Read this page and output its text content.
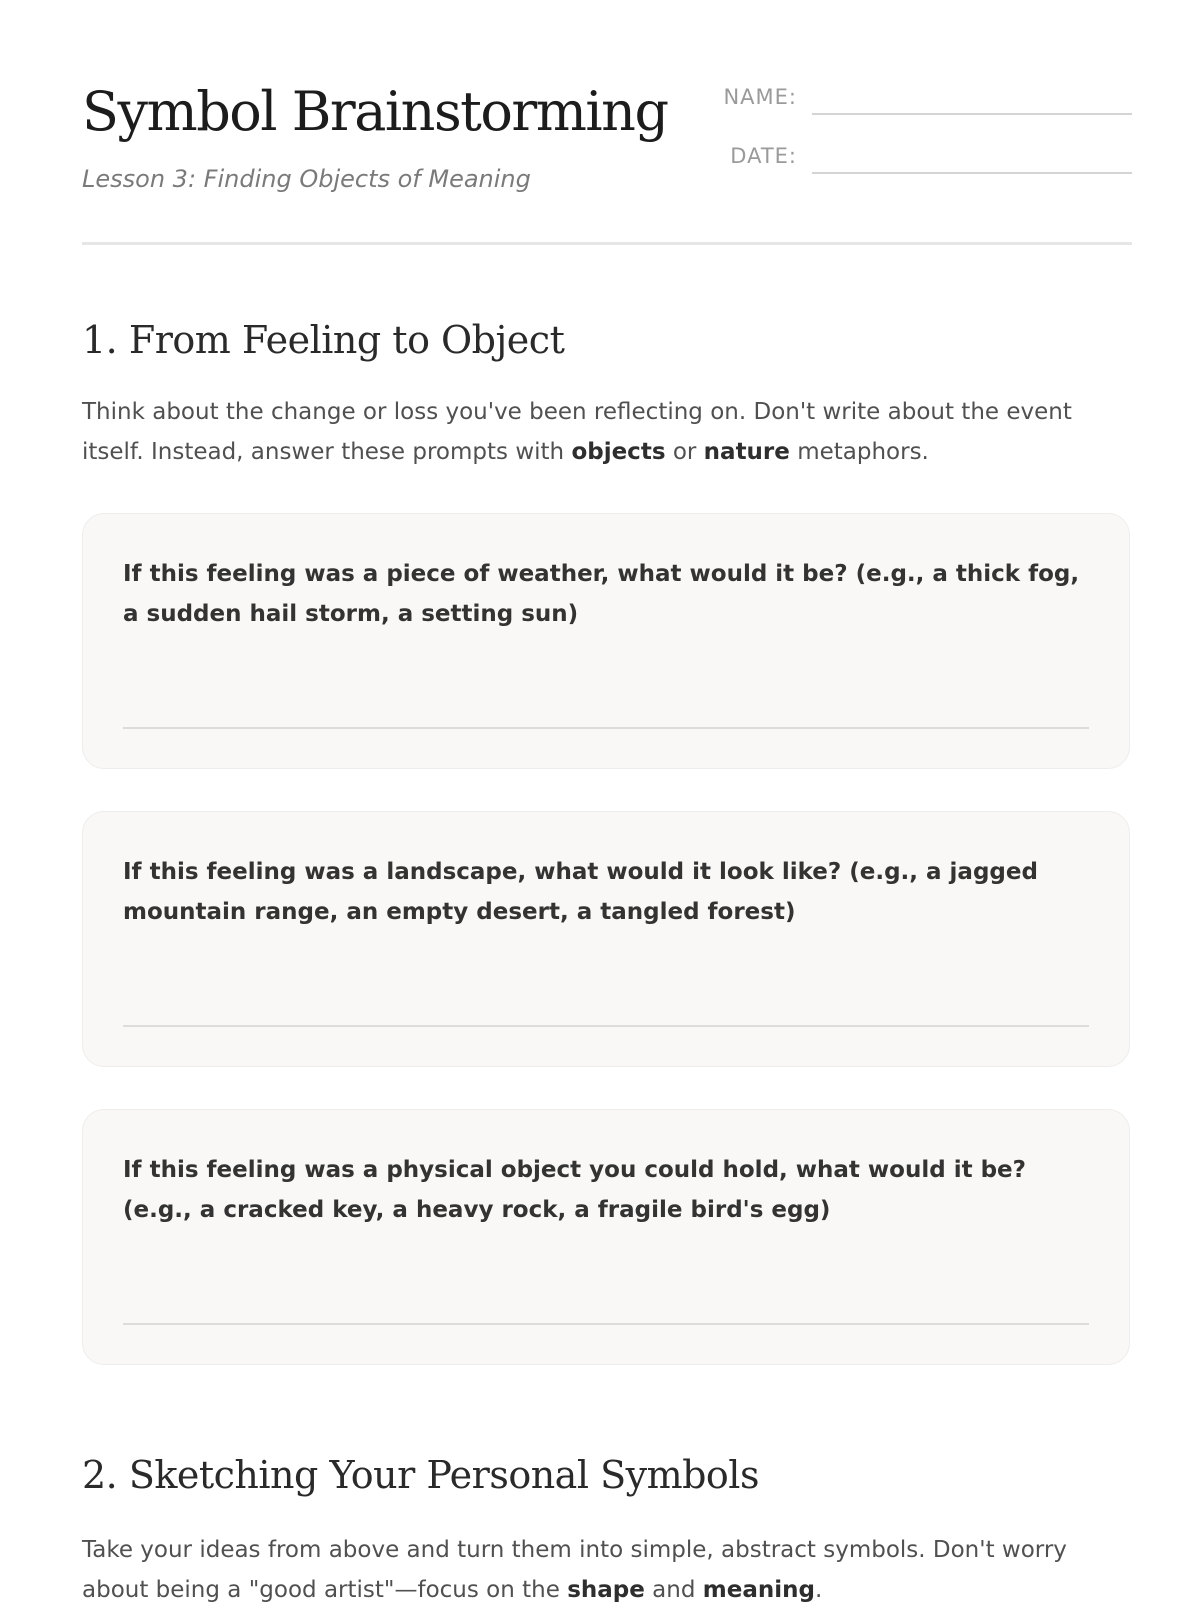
Symbol Brainstorming

Lesson 3: Finding Objects of Meaning

NAME:
DATE:
1. From Feeling to Object

Think about the change or loss you've been reflecting on. Don't write about the event itself. Instead, answer these prompts with objects or nature metaphors.

If this feeling was a piece of weather, what would it be? (e.g., a thick fog, a sudden hail storm, a setting sun)

If this feeling was a landscape, what would it look like? (e.g., a jagged mountain range, an empty desert, a tangled forest)

If this feeling was a physical object you could hold, what would it be? (e.g., a cracked key, a heavy rock, a fragile bird's egg)

2. Sketching Your Personal Symbols

Take your ideas from above and turn them into simple, abstract symbols. Don't worry about being a "good artist"—focus on the shape and meaning.
